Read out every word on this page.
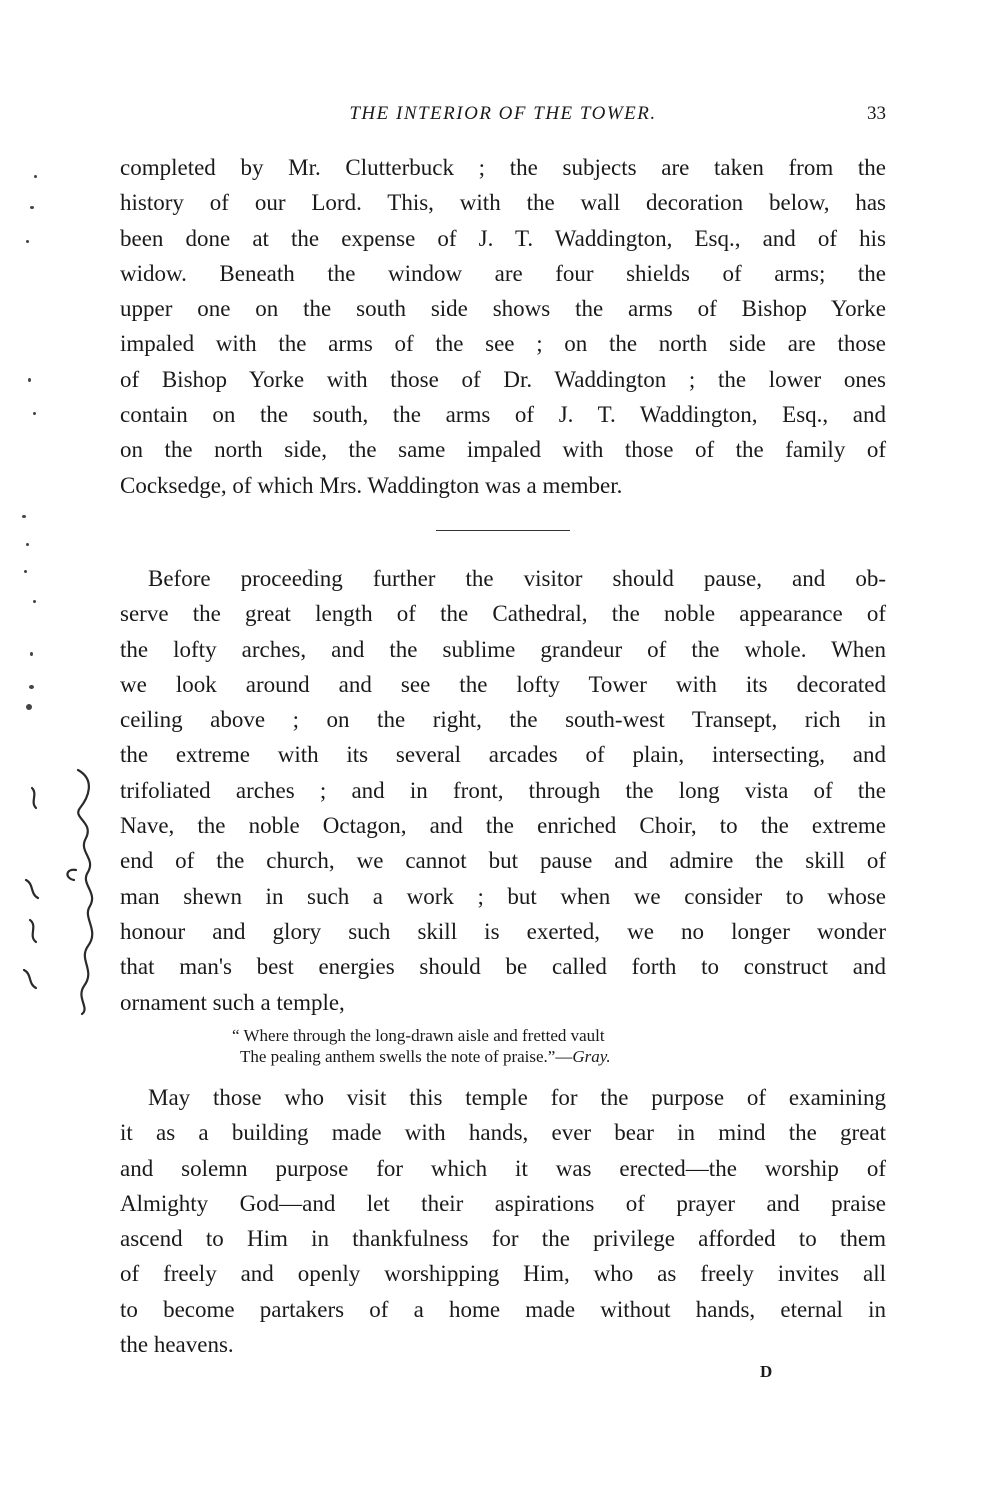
THE INTERIOR OF THE TOWER.	33
completed by Mr. Clutterbuck ; the subjects are taken from the
history of our Lord. This, with the wall decoration below, has
been done at the expense of J. T. Waddington, Esq., and of his
widow. Beneath the window are four shields of arms; the
upper one on the south side shows the arms of Bishop Yorke
impaled with the arms of the see ; on the north side are those
of Bishop Yorke with those of Dr. Waddington ; the lower ones
contain on the south, the arms of J. T. Waddington, Esq., and
on the north side, the same impaled with those of the family of
Cocksedge, of which Mrs. Waddington was a member.
Before proceeding further the visitor should pause, and ob-
serve the great length of the Cathedral, the noble appearance of
the lofty arches, and the sublime grandeur of the whole. When
we look around and see the lofty Tower with its decorated
ceiling above ; on the right, the south-west Transept, rich in
the extreme with its several arcades of plain, intersecting, and
trifoliated arches ; and in front, through the long vista of the
Nave, the noble Octagon, and the enriched Choir, to the extreme
end of the church, we cannot but pause and admire the skill of
man shewn in such a work ; but when we consider to whose
honour and glory such skill is exerted, we no longer wonder
that man's best energies should be called forth to construct and
ornament such a temple,
“ Where through the long-drawn aisle and fretted vault
The pealing anthem swells the note of praise.”—Gray.
May those who visit this temple for the purpose of examining
it as a building made with hands, ever bear in mind the great
and solemn purpose for which it was erected—the worship of
Almighty God—and let their aspirations of prayer and praise
ascend to Him in thankfulness for the privilege afforded to them
of freely and openly worshipping Him, who as freely invites all
to become partakers of a home made without hands, eternal in
the heavens.
D
